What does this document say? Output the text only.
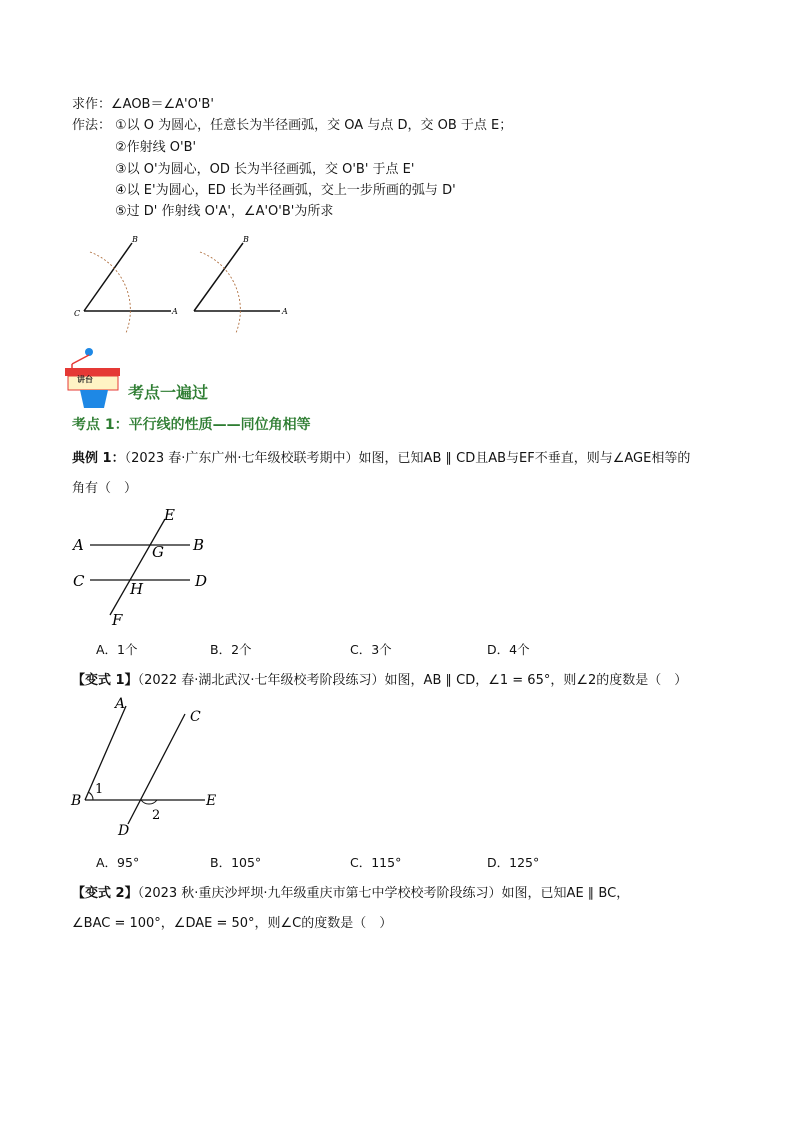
求作：∠AOB＝∠A'O'B'
作法： ①以 O 为圆心，任意长为半径画弧，交 OA 与点 D，交 OB 于点 E；
②作射线 O'B'
③以 O'为圆心，OD 长为半径画弧，交 O'B' 于点 E'
④以 E'为圆心，ED 长为半径画弧，交上一步所画的弧与 D'
⑤过 D' 作射线 O'A'，∠A'O'B'为所求
C
B
A
B
A
讲台
考点一遍过
考点 1：平行线的性质——同位角相等
典例 1：（2023 春·广东广州·七年级校联考期中）如图，已知AB ∥ CD且AB与EF不垂直，则与∠AGE相等的
角有（　）
E
A	G B
C	H	D
F
A．1个	B．2个	C．3个	D．4个
【变式 1】（2022 春·湖北武汉·七年级校考阶段练习）如图，AB ∥ CD，∠1 = 65°，则∠2的度数是（　）
A
C
B
1
E
2
D
A．95°	B．105°	C．115°	D．125°
【变式 2】（2023 秋·重庆沙坪坝·九年级重庆市第七中学校校考阶段练习）如图，已知AE ∥ BC，
∠BAC = 100°，∠DAE = 50°，则∠C的度数是（　）
